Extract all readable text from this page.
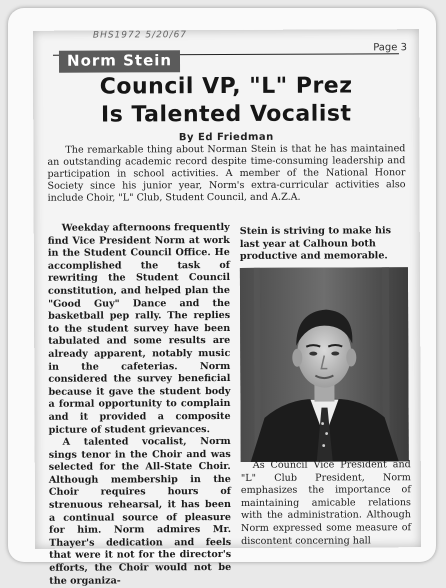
BHS1972 5/20/67
Page 3
Norm Stein
Council VP, "L" Prez
Is Talented Vocalist
By Ed Friedman
The remarkable thing about Norman Stein is that he has maintained an outstanding academic record despite time-consuming leadership and participation in school activities. A member of the National Honor Society since his junior year, Norm's extra-curricular activities also include Choir, "L" Club, Student Council, and A.Z.A.

Weekday afternoons frequently find Vice President Norm at work in the Student Council Office. He accomplished the task of rewriting the Student Council constitution, and helped plan the "Good Guy" Dance and the basketball pep rally. The replies to the student survey have been tabulated and some results are already apparent, notably music in the cafeterias. Norm considered the survey beneficial because it gave the student body a formal opportunity to complain and it provided a composite picture of student grievances.

A talented vocalist, Norm sings tenor in the Choir and was selected for the All-State Choir. Although membership in the Choir requires hours of strenuous rehearsal, it has been a continual source of pleasure for him. Norm admires Mr. Thayer's dedication and feels that were it not for the director's efforts, the Choir would not be the organiza-

Stein is striving to make his last year at Calhoun both productive and memorable.

As Council Vice President and "L" Club President, Norm emphasizes the importance of maintaining amicable relations with the administration. Although Norm expressed some measure of discontent concerning hall
